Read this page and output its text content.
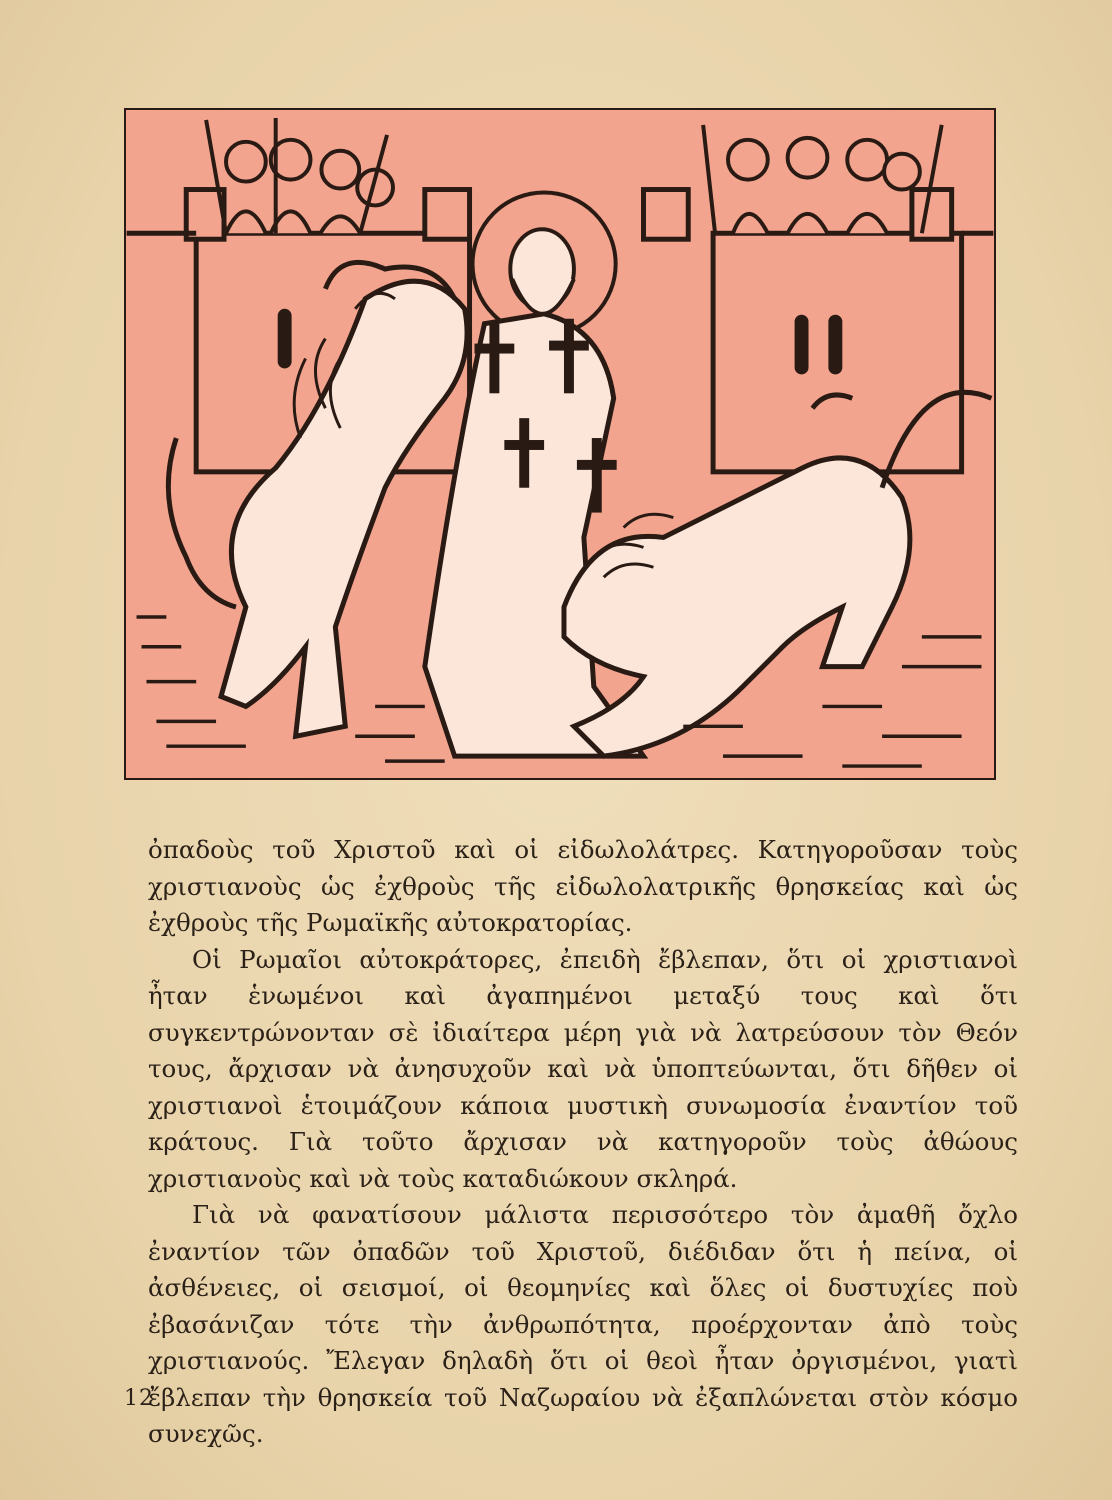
ὀπαδοὺς τοῦ Χριστοῦ καὶ οἱ εἰδωλολάτρες. Κατηγοροῦσαν τοὺς χριστιανοὺς ὡς ἐχθροὺς τῆς εἰδωλολατρικῆς θρησκείας καὶ ὡς ἐχθροὺς τῆς Ρωμαϊκῆς αὐτοκρατορίας.

Οἱ Ρωμαῖοι αὐτοκράτορες, ἐπειδὴ ἔβλεπαν, ὅτι οἱ χριστιανοὶ ἦταν ἑνωμένοι καὶ ἀγαπημένοι μεταξύ τους καὶ ὅτι συγκεντρώνονταν σὲ ἰδιαίτερα μέρη γιὰ νὰ λατρεύσουν τὸν Θεόν τους, ἄρχισαν νὰ ἀνησυχοῦν καὶ νὰ ὑποπτεύωνται, ὅτι δῆθεν οἱ χριστιανοὶ ἑτοιμάζουν κάποια μυστικὴ συνωμοσία ἐναντίον τοῦ κράτους. Γιὰ τοῦτο ἄρχισαν νὰ κατηγοροῦν τοὺς ἀθώους χριστιανοὺς καὶ νὰ τοὺς καταδιώκουν σκληρά.

Γιὰ νὰ φανατίσουν μάλιστα περισσότερο τὸν ἀμαθῆ ὄχλο ἐναντίον τῶν ὀπαδῶν τοῦ Χριστοῦ, διέδιδαν ὅτι ἡ πείνα, οἱ ἀσθένειες, οἱ σεισμοί, οἱ θεομηνίες καὶ ὅλες οἱ δυστυχίες ποὺ ἐβασάνιζαν τότε τὴν ἀνθρωπότητα, προέρχονταν ἀπὸ τοὺς χριστιανούς. Ἔλεγαν δηλαδὴ ὅτι οἱ θεοὶ ἦταν ὀργισμένοι, γιατὶ ἔβλεπαν τὴν θρησκεία τοῦ Ναζωραίου νὰ ἐξαπλώνεται στὸν κόσμο συνεχῶς.

12
